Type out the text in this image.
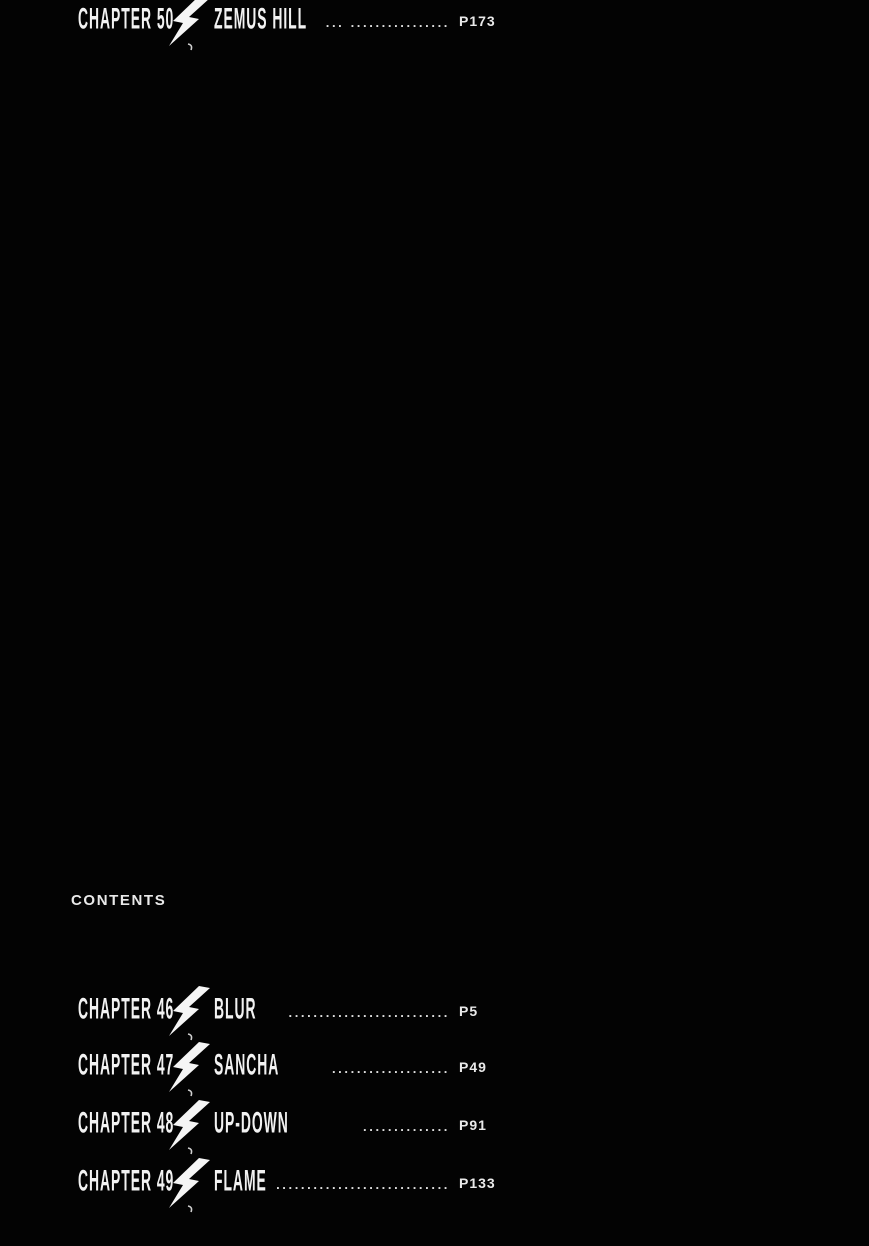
CONTENTS
CHAPTER 46 BLUR	.......................... P5
CHAPTER 47 SANCHA	................... P49
CHAPTER 48 UP-DOWN	.............. P91
CHAPTER 49 FLAME ............................ P133
CHAPTER 50 ZEMUS HILL	... ................ P173
